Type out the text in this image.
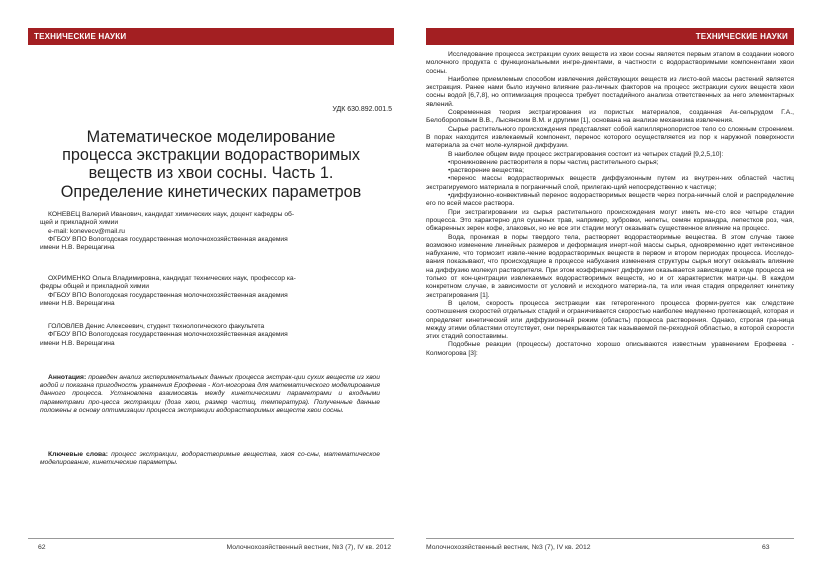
ТЕХНИЧЕСКИЕ НАУКИ
УДК 630.892.001.5
Математическое моделирование
процесса экстракции водорастворимых
веществ из хвои сосны. Часть 1.
Определение кинетических параметров

КОНЕВЕЦ Валерий Иванович, кандидат химических наук, доцент кафедры об-

щей и прикладной химии

e-mail: konevecv@mail.ru

ФГБОУ ВПО Вологодская государственная молочнохозяйственная академия

имени Н.В. Верещагина

ОХРИМЕНКО Ольга Владимировна, кандидат технических наук, профессор ка-

федры общей и прикладной химии

ФГБОУ ВПО Вологодская государственная молочнохозяйственная академия

имени Н.В. Верещагина

ГОЛОВЛЕВ Денис Алексеевич, студент технологического факультета

ФГБОУ ВПО Вологодская государственная молочнохозяйственная академия

имени Н.В. Верещагина

Аннотация: проведен анализ экспериментальных данных процесса экстрак-ции сухих веществ из хвои водой и показана пригодность уравнения Ерофеева - Кол-могорова для математического моделирования данного процесса. Установлена взаимосвязь между кинетическими параметрами и входными параметрами про-цесса экстракции (доза хвои, размер частиц, температура). Полученные данные положены в основу оптимизации процесса экстракции водорастворимых веществ хвои сосны.

Ключевые слова: процесс экстракции, водорастворимые вещества, хвоя со-сны, математическое моделирование, кинетические параметры.

62	Молочнохозяйственный вестник, №3 (7), IV кв. 2012
ТЕХНИЧЕСКИЕ НАУКИ

Исследование процесса экстракции сухих веществ из хвои сосны является первым этапом в создании нового молочного продукта с функциональными ингре-диентами, в частности с водорастворимыми компонентами хвои сосны.

Наиболее приемлемым способом извлечения действующих веществ из листо-вой массы растений является экстракция. Ранее нами было изучено влияние раз-личных факторов на процесс экстракции сухих веществ хвои сосны водой [6,7,8], но оптимизация процесса требует постадийного анализа ответственных за него элементарных явлений.

Современная теория экстрагирования из пористых материалов, созданная Ак-сельрудом Г.А., Белобороловым В.В., Лысянским В.М. и другими [1], основана на анализе механизма извлечения.

Сырье растительного происхождения представляет собой капиллярнопористое тело со сложным строением. В порах находится извлекаемый компонент, перенос которого осуществляется из пор к наружной поверхности материала за счет моле-кулярной диффузии.

В наиболее общем виде процесс экстрагирования состоит из четырех стадий [9,2,5,10]:

•проникновение растворителя в поры частиц растительного сырья;

•растворение вещества;

•перенос массы водорастворимых веществ диффузионным путем из внутрен-них областей частиц экстрагируемого материала в пограничный слой, прилегаю-щий непосредственно к частице;

•диффузионно-конвективный перенос водорастворимых веществ через погра-ничный слой и распределение его по всей массе раствора.

При экстрагировании из сырья растительного происхождения могут иметь ме-сто все четыре стадии процесса. Это характерно для сушеных трав, например, зубровки, непеты, семян кориандра, лепестков роз, чая, обжаренных зерен кофе, злаковых, но не все эти стадии могут оказывать существенное влияние на процесс.

Вода, проникая в поры твердого тела, растворяет водорастворимые вещества. В этом случае также возможно изменение линейных размеров и деформация инерт-ной массы сырья, одновременно идет интенсивное набухание, что тормозит извле-чение водорастворимых веществ в первом и втором периодах процесса. Исследо-вания показывают, что происходящие в процессе набухания изменения структуры сырья могут оказывать влияние на диффузию молекул растворителя. При этом коэффициент диффузии оказывается зависящим в ходе процесса не только от кон-центрации извлекаемых водорастворимых веществ, но и от характеристик матри-цы. В каждом конкретном случае, в зависимости от условий и исходного материа-ла, та или иная стадия определяет кинетику экстрагирования [1].

В целом, скорость процесса экстракции как гетерогенного процесса форми-руется как следствие соотношения скоростей отдельных стадий и ограничивается скоростью наиболее медленно протекающей, которая и определяет кинетический или диффузионный режим (область) процесса растворения. Однако, строгая гра-ница между этими областями отсутствует, они перекрываются так называемой пе-реходной областью, в которой скорости этих стадий сопоставимы.

Подобные реакции (процессы) достаточно хорошо описываются известным уравнением Ерофеева - Колмогорова [3]:

Молочнохозяйственный вестник, №3 (7), IV кв. 2012	63
